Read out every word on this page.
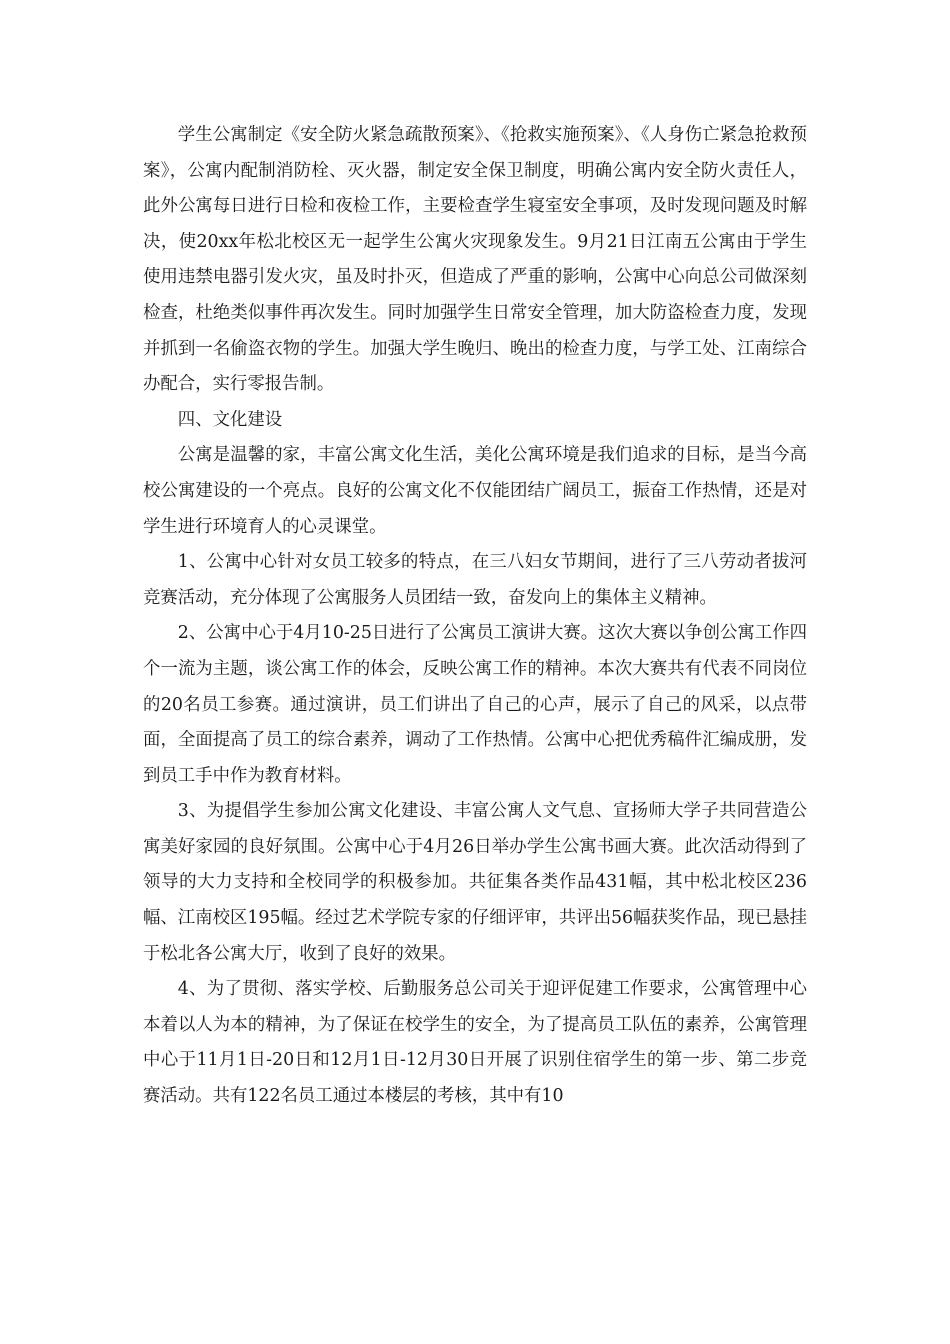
学生公寓制定《安全防火紧急疏散预案》、《抢救实施预案》、《人身伤亡紧急抢救预案》，公寓内配制消防栓、灭火器，制定安全保卫制度，明确公寓内安全防火责任人，此外公寓每日进行日检和夜检工作，主要检查学生寝室安全事项，及时发现问题及时解决，使20xx年松北校区无一起学生公寓火灾现象发生。9月21日江南五公寓由于学生使用违禁电器引发火灾，虽及时扑灭，但造成了严重的影响，公寓中心向总公司做深刻检查，杜绝类似事件再次发生。同时加强学生日常安全管理，加大防盗检查力度，发现并抓到一名偷盗衣物的学生。加强大学生晚归、晚出的检查力度，与学工处、江南综合办配合，实行零报告制。

四、文化建设

公寓是温馨的家，丰富公寓文化生活，美化公寓环境是我们追求的目标，是当今高校公寓建设的一个亮点。良好的公寓文化不仅能团结广阔员工，振奋工作热情，还是对学生进行环境育人的心灵课堂。

1、公寓中心针对女员工较多的特点，在三八妇女节期间，进行了三八劳动者拔河竞赛活动，充分体现了公寓服务人员团结一致，奋发向上的集体主义精神。

2、公寓中心于4月10-25日进行了公寓员工演讲大赛。这次大赛以争创公寓工作四个一流为主题，谈公寓工作的体会，反映公寓工作的精神。本次大赛共有代表不同岗位的20名员工参赛。通过演讲，员工们讲出了自己的心声，展示了自己的风采，以点带面，全面提高了员工的综合素养，调动了工作热情。公寓中心把优秀稿件汇编成册，发到员工手中作为教育材料。

3、为提倡学生参加公寓文化建设、丰富公寓人文气息、宣扬师大学子共同营造公寓美好家园的良好氛围。公寓中心于4月26日举办学生公寓书画大赛。此次活动得到了领导的大力支持和全校同学的积极参加。共征集各类作品431幅，其中松北校区236幅、江南校区195幅。经过艺术学院专家的仔细评审，共评出56幅获奖作品，现已悬挂于松北各公寓大厅，收到了良好的效果。

4、为了贯彻、落实学校、后勤服务总公司关于迎评促建工作要求，公寓管理中心本着以人为本的精神，为了保证在校学生的安全，为了提高员工队伍的素养，公寓管理中心于11月1日-20日和12月1日-12月30日开展了识别住宿学生的第一步、第二步竞赛活动。共有122名员工通过本楼层的考核，其中有10
